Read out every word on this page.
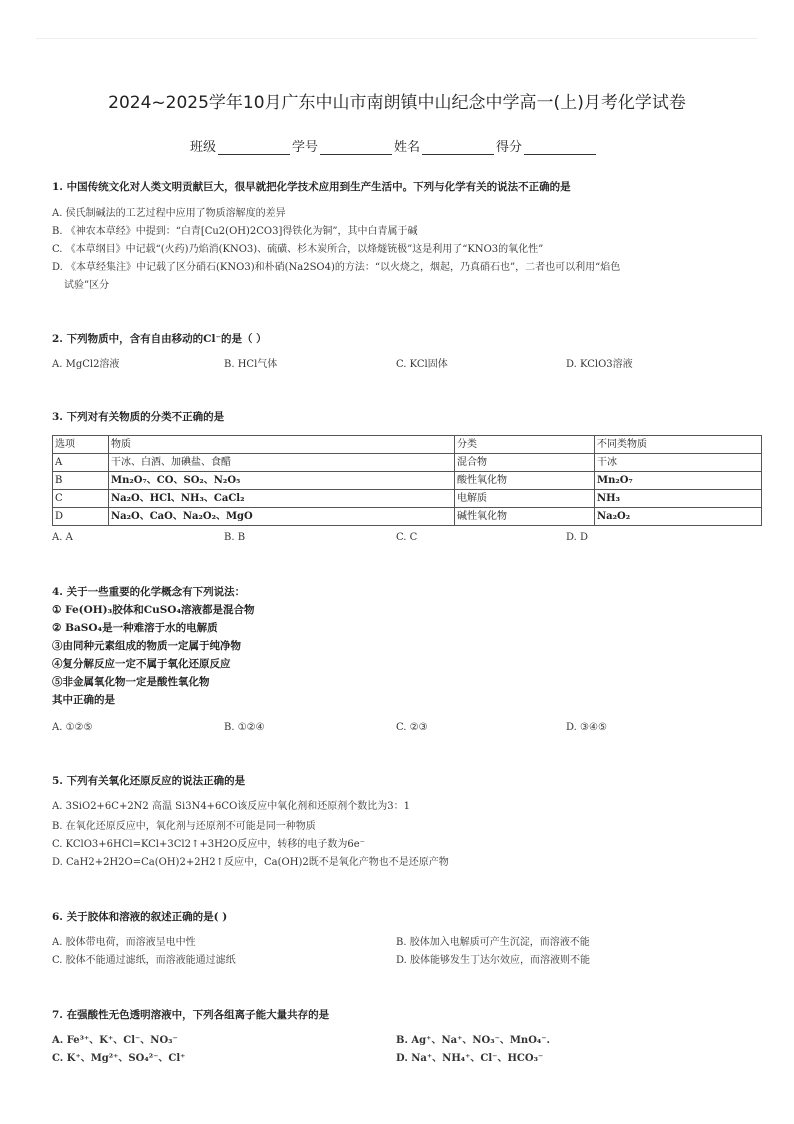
2024~2025学年10月广东中山市南朗镇中山纪念中学高一(上)月考化学试卷
班级	学号	姓名	得分
1. 中国传统文化对人类文明贡献巨大，很早就把化学技术应用到生产生活中。下列与化学有关的说法不正确的是
A. 侯氏制碱法的工艺过程中应用了物质溶解度的差异
B. 《神农本草经》中提到：“白青[Cu2(OH)2CO3]得铁化为铜”，其中白青属于碱
C. 《本草纲目》中记载“(火药)乃焰消(KNO3)、硫磺、杉木炭所合，以烽燧铳极”这是利用了“KNO3的氧化性”
D. 《本草经集注》中记载了区分硝石(KNO3)和朴硝(Na2SO4)的方法：“以火烧之，烟起，乃真硝石也”，二者也可以利用“焰色
试验”区分
2. 下列物质中，含有自由移动的Cl⁻的是（ ）
A. MgCl2溶液	B. HCl气体	C. KCl固体	D. KClO3溶液
3. 下列对有关物质的分类不正确的是
选项	物质	分类	不同类物质
A	干冰、白酒、加碘盐、食醋	混合物	干冰
B	Mn₂O₇、CO、SO₂、N₂O₅	酸性氧化物	Mn₂O₇
C	Na₂O、HCl、NH₃、CaCl₂	电解质	NH₃
D	Na₂O、CaO、Na₂O₂、MgO	碱性氧化物	Na₂O₂
A. A	B. B	C. C	D. D
4. 关于一些重要的化学概念有下列说法：
① Fe(OH)₃胶体和CuSO₄溶液都是混合物
② BaSO₄是一种难溶于水的电解质
③由同种元素组成的物质一定属于纯净物
④复分解反应一定不属于氧化还原反应
⑤非金属氧化物一定是酸性氧化物
其中正确的是
A. ①②⑤	B. ①②④	C. ②③	D. ③④⑤
5. 下列有关氧化还原反应的说法正确的是
A. 3SiO2+6C+2N2 高温 Si3N4+6CO该反应中氧化剂和还原剂个数比为3：1
B. 在氧化还原反应中，氧化剂与还原剂不可能是同一种物质
C. KClO3+6HCl=KCl+3Cl2↑+3H2O反应中，转移的电子数为6e⁻
D. CaH2+2H2O=Ca(OH)2+2H2↑反应中，Ca(OH)2既不是氧化产物也不是还原产物
6. 关于胶体和溶液的叙述正确的是( )
A. 胶体带电荷，而溶液呈电中性	B. 胶体加入电解质可产生沉淀，而溶液不能
C. 胶体不能通过滤纸，而溶液能通过滤纸	D. 胶体能够发生丁达尔效应，而溶液则不能
7. 在强酸性无色透明溶液中，下列各组离子能大量共存的是
A. Fe³⁺、K⁺、Cl⁻、NO₃⁻	B. Ag⁺、Na⁺、NO₃⁻、MnO₄⁻.
C. K⁺、Mg²⁺、SO₄²⁻、Cl⁺	D. Na⁺、NH₄⁺、Cl⁻、HCO₃⁻
